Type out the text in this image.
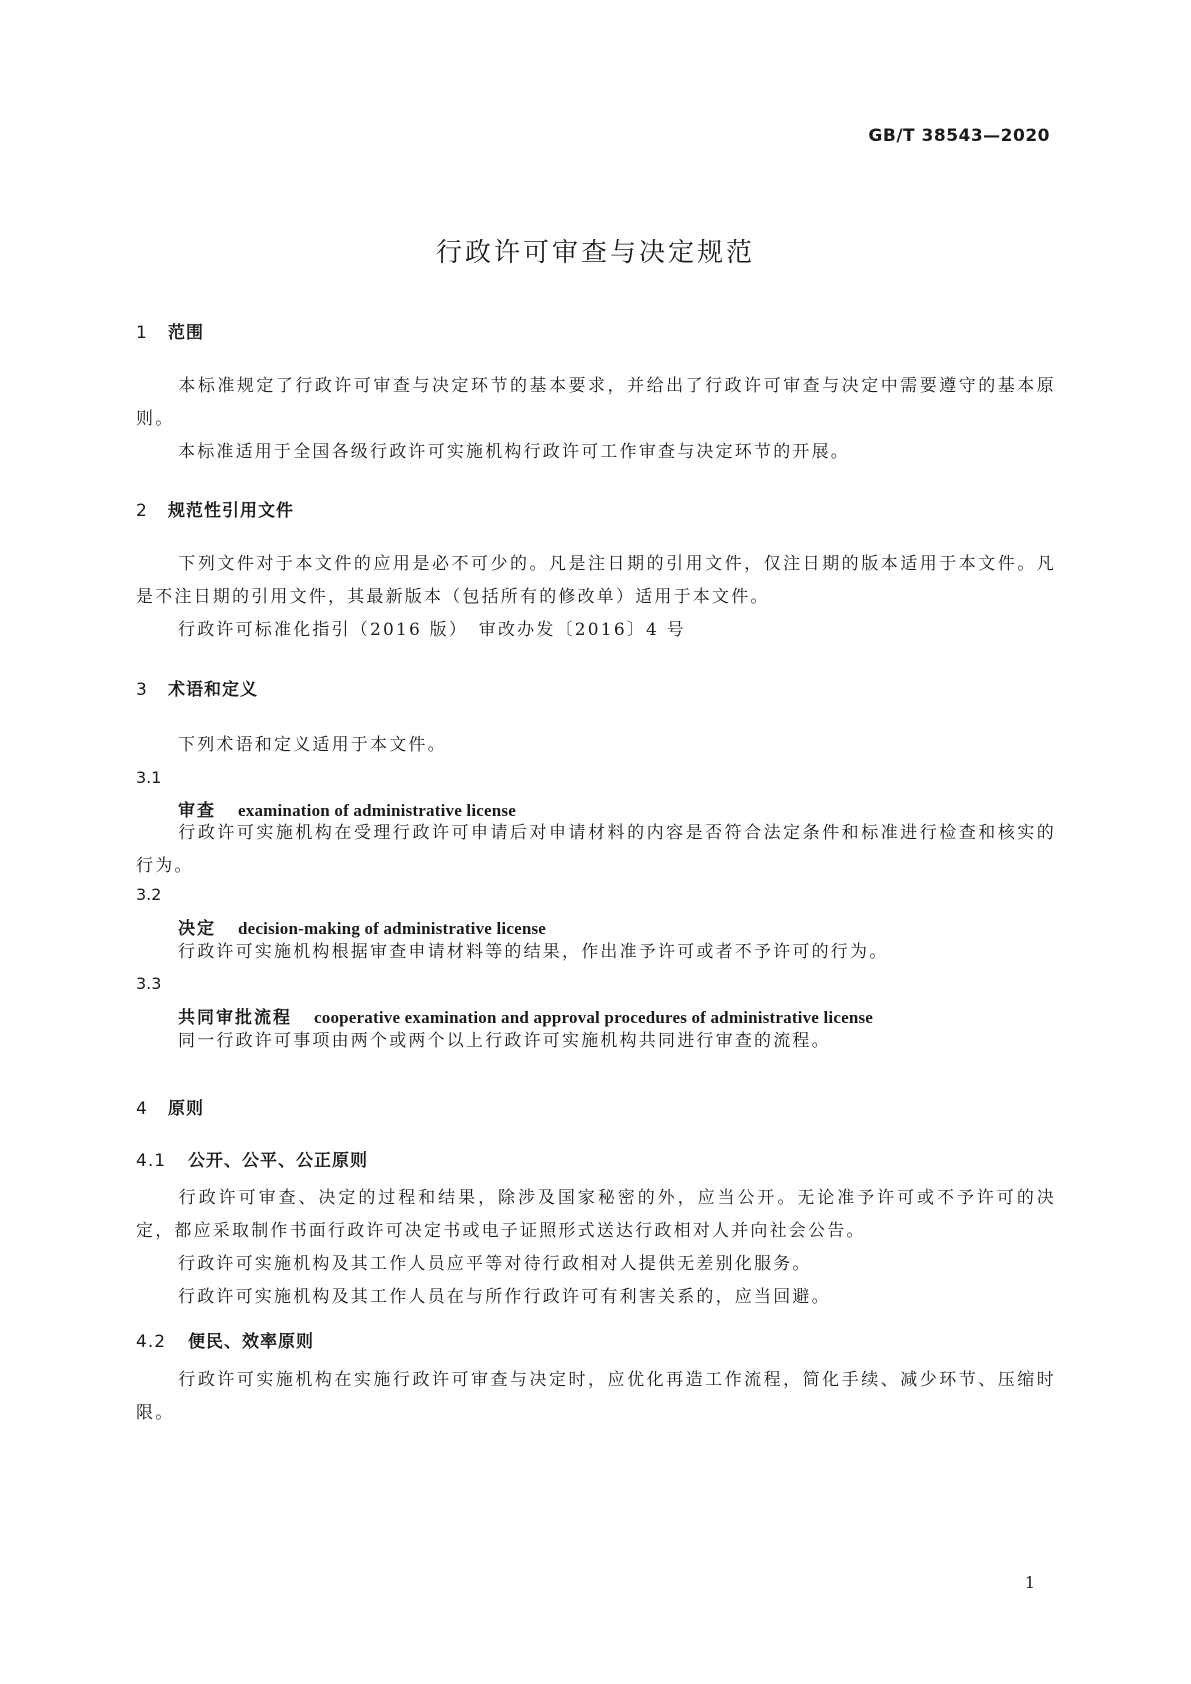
GB/T 38543—2020
行政许可审查与决定规范
1 范围
本标准规定了行政许可审查与决定环节的基本要求，并给出了行政许可审查与决定中需要遵守的基本原则。
本标准适用于全国各级行政许可实施机构行政许可工作审查与决定环节的开展。
2 规范性引用文件
下列文件对于本文件的应用是必不可少的。凡是注日期的引用文件，仅注日期的版本适用于本文件。凡是不注日期的引用文件，其最新版本（包括所有的修改单）适用于本文件。
行政许可标准化指引（2016 版）　审改办发〔2016〕4 号
3 术语和定义
下列术语和定义适用于本文件。
3.1
审查 examination of administrative license
行政许可实施机构在受理行政许可申请后对申请材料的内容是否符合法定条件和标准进行检查和核实的行为。
3.2
决定 decision-making of administrative license
行政许可实施机构根据审查申请材料等的结果，作出准予许可或者不予许可的行为。
3.3
共同审批流程 cooperative examination and approval procedures of administrative license
同一行政许可事项由两个或两个以上行政许可实施机构共同进行审查的流程。
4 原则
4.1 公开、公平、公正原则
行政许可审查、决定的过程和结果，除涉及国家秘密的外，应当公开。无论准予许可或不予许可的决定，都应采取制作书面行政许可决定书或电子证照形式送达行政相对人并向社会公告。
行政许可实施机构及其工作人员应平等对待行政相对人提供无差别化服务。
行政许可实施机构及其工作人员在与所作行政许可有利害关系的，应当回避。
4.2 便民、效率原则
行政许可实施机构在实施行政许可审查与决定时，应优化再造工作流程，简化手续、减少环节、压缩时限。
1
